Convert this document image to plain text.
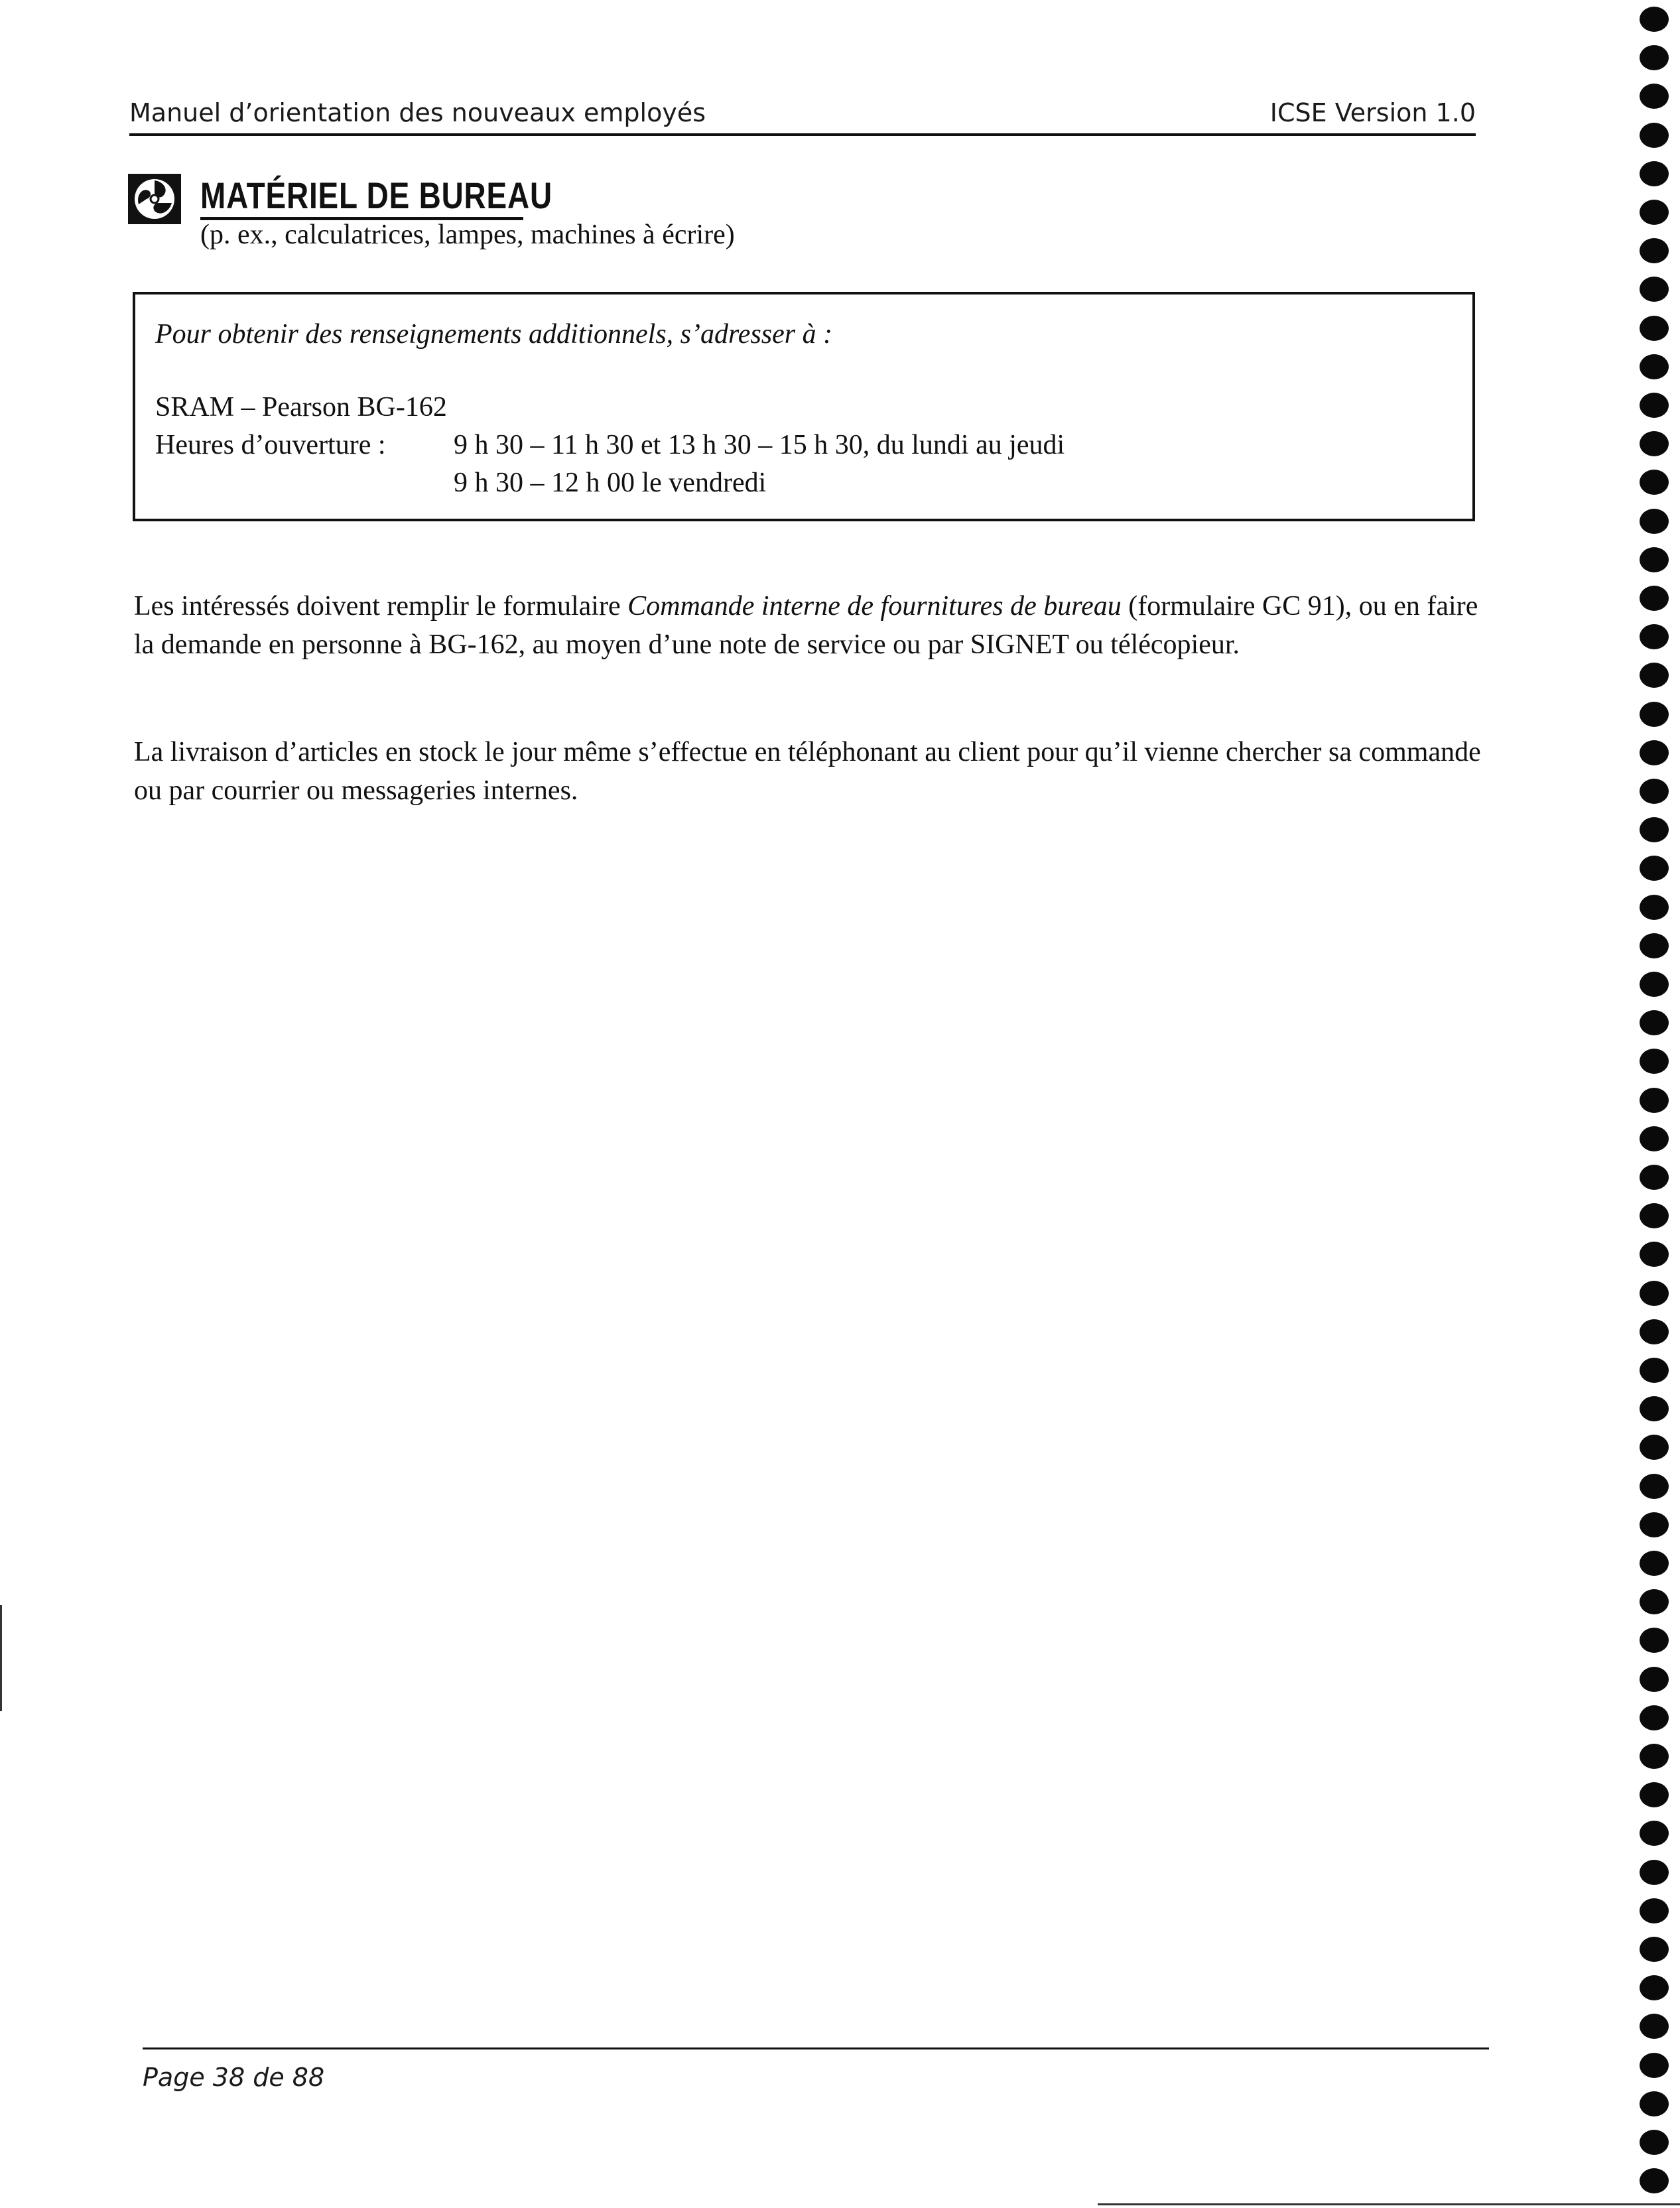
Manuel d’orientation des nouveaux employés	ICSE Version 1.0
MATÉRIEL DE BUREAU
(p. ex., calculatrices, lampes, machines à écrire)
Pour obtenir des renseignements additionnels, s’adresser à :
SRAM – Pearson BG-162
Heures d’ouverture : 9 h 30 – 11 h 30 et 13 h 30 – 15 h 30, du lundi au jeudi
9 h 30 – 12 h 00 le vendredi
Les intéressés doivent remplir le formulaire Commande interne de fournitures de bureau (formulaire GC 91), ou en faire la demande en personne à BG-162, au moyen d’une note de service ou par SIGNET ou télécopieur.
La livraison d’articles en stock le jour même s’effectue en téléphonant au client pour qu’il vienne chercher sa commande ou par courrier ou messageries internes.
Page 38 de 88
